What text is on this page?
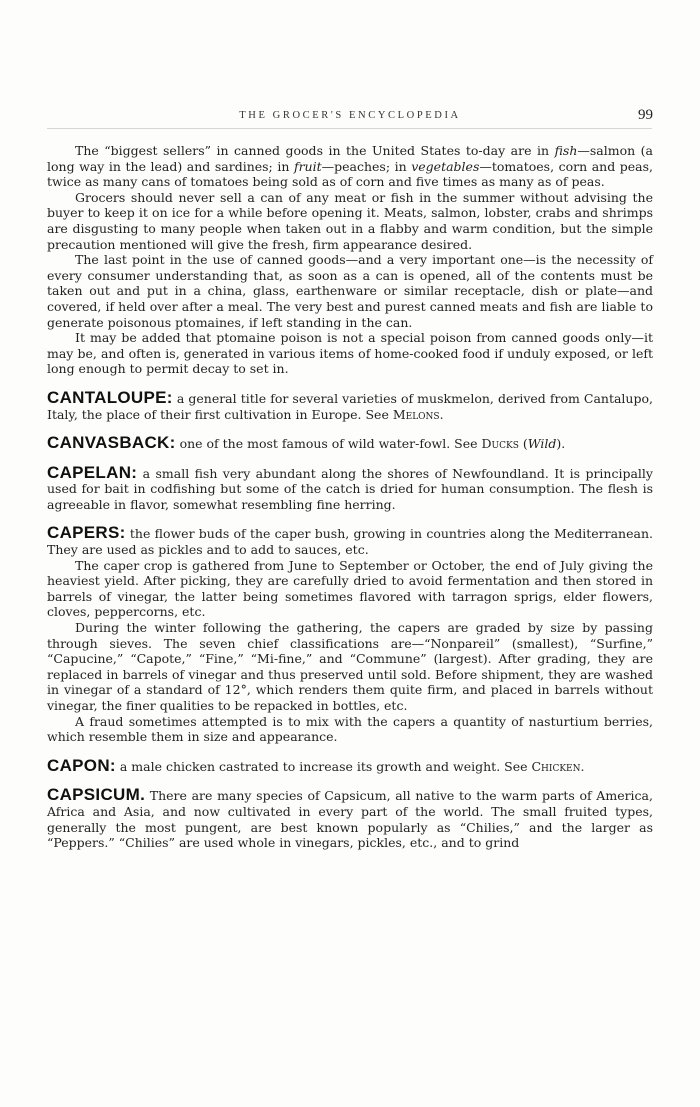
THE GROCER'S ENCYCLOPEDIA	99

The “biggest sellers” in canned goods in the United States to-day are in fish—salmon (a long way in the lead) and sardines; in fruit—peaches; in vegetables—tomatoes, corn and peas, twice as many cans of tomatoes being sold as of corn and five times as many as of peas.

Grocers should never sell a can of any meat or fish in the summer without advising the buyer to keep it on ice for a while before opening it. Meats, salmon, lobster, crabs and shrimps are disgusting to many people when taken out in a flabby and warm condition, but the simple precaution mentioned will give the fresh, firm appearance desired.

The last point in the use of canned goods—and a very important one—is the necessity of every consumer understanding that, as soon as a can is opened, all of the contents must be taken out and put in a china, glass, earthenware or similar receptacle, dish or plate—and covered, if held over after a meal. The very best and purest canned meats and fish are liable to generate poisonous ptomaines, if left standing in the can.

It may be added that ptomaine poison is not a special poison from canned goods only—it may be, and often is, generated in various items of home-cooked food if unduly exposed, or left long enough to permit decay to set in.

CANTALOUPE: a general title for several varieties of muskmelon, derived from Cantalupo, Italy, the place of their first cultivation in Europe. See Melons.

CANVASBACK: one of the most famous of wild water-fowl. See Ducks (Wild).

CAPELAN: a small fish very abundant along the shores of Newfoundland. It is principally used for bait in codfishing but some of the catch is dried for human consumption. The flesh is agreeable in flavor, somewhat resembling fine herring.

CAPERS: the flower buds of the caper bush, growing in countries along the Mediterranean. They are used as pickles and to add to sauces, etc.

The caper crop is gathered from June to September or October, the end of July giving the heaviest yield. After picking, they are carefully dried to avoid fermentation and then stored in barrels of vinegar, the latter being sometimes flavored with tarragon sprigs, elder flowers, cloves, peppercorns, etc.

During the winter following the gathering, the capers are graded by size by passing through sieves. The seven chief classifications are—“Nonpareil” (smallest), “Surfine,” “Capucine,” “Capote,” “Fine,” “Mi-fine,” and “Commune” (largest). After grading, they are replaced in barrels of vinegar and thus preserved until sold. Before shipment, they are washed in vinegar of a standard of 12°, which renders them quite firm, and placed in barrels without vinegar, the finer qualities to be repacked in bottles, etc.

A fraud sometimes attempted is to mix with the capers a quantity of nasturtium berries, which resemble them in size and appearance.

CAPON: a male chicken castrated to increase its growth and weight. See Chicken.

CAPSICUM. There are many species of Capsicum, all native to the warm parts of America, Africa and Asia, and now cultivated in every part of the world. The small fruited types, generally the most pungent, are best known popularly as “Chilies,” and the larger as “Peppers.” “Chilies” are used whole in vinegars, pickles, etc., and to grind
